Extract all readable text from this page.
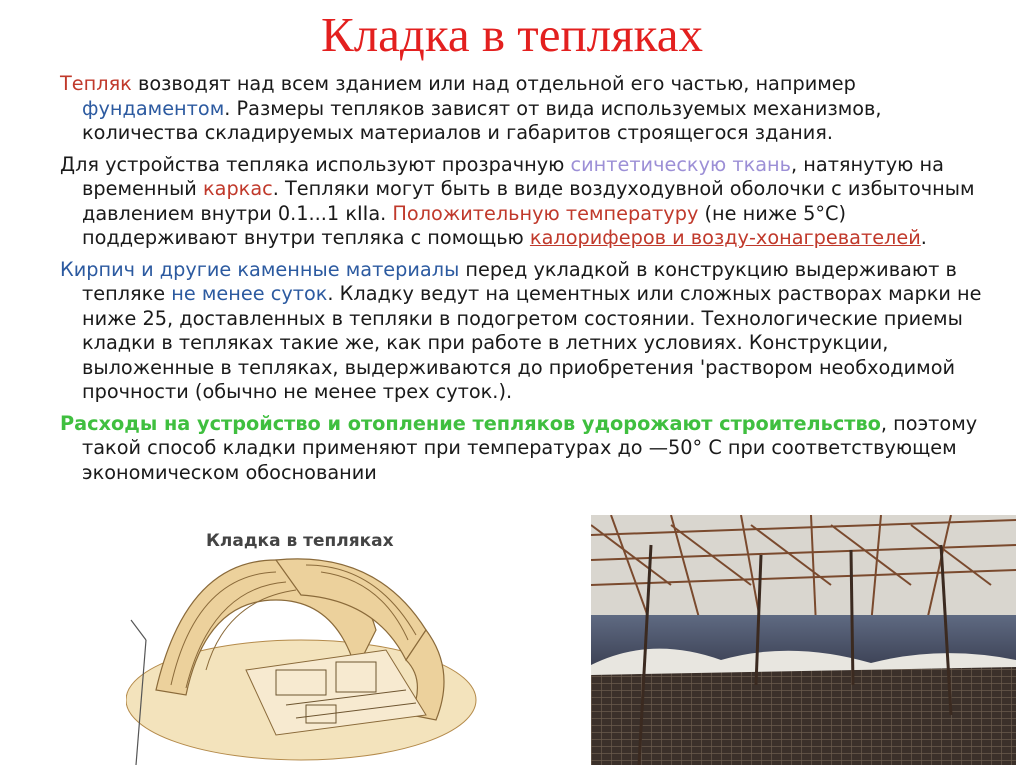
Кладка в тепляках

Тепляк возводят над всем зданием или над отдельной его частью, например фундаментом. Размеры тепляков зависят от вида используемых механизмов, количества складируемых материалов и габаритов строящегося здания.

Для устройства тепляка используют прозрачную синтетическую ткань, натянутую на временный каркас. Тепляки могут быть в виде воздуходувной оболочки с избыточным давлением внутри 0.1...1 кIIа. Положительную температуру (не ниже 5°С) поддерживают внутри тепляка с помощью калориферов и возду-хонагревателей.

Кирпич и другие каменные материалы перед укладкой в конструкцию выдерживают в тепляке не менее суток. Кладку ведут на цементных или сложных растворах марки не ниже 25, доставленных в тепляки в подогретом состоянии. Технологические приемы кладки в тепляках такие же, как при работе в летних условиях. Конструкции, выложенные в тепляках, выдерживаются до приобретения 'раствором необходимой прочности (обычно не менее трех суток.).

Расходы на устройство и отопление тепляков удорожают строительство, поэтому такой способ кладки применяют при температурах до —50° С при соответствующем экономическом обосновании

Кладка в тепляках
